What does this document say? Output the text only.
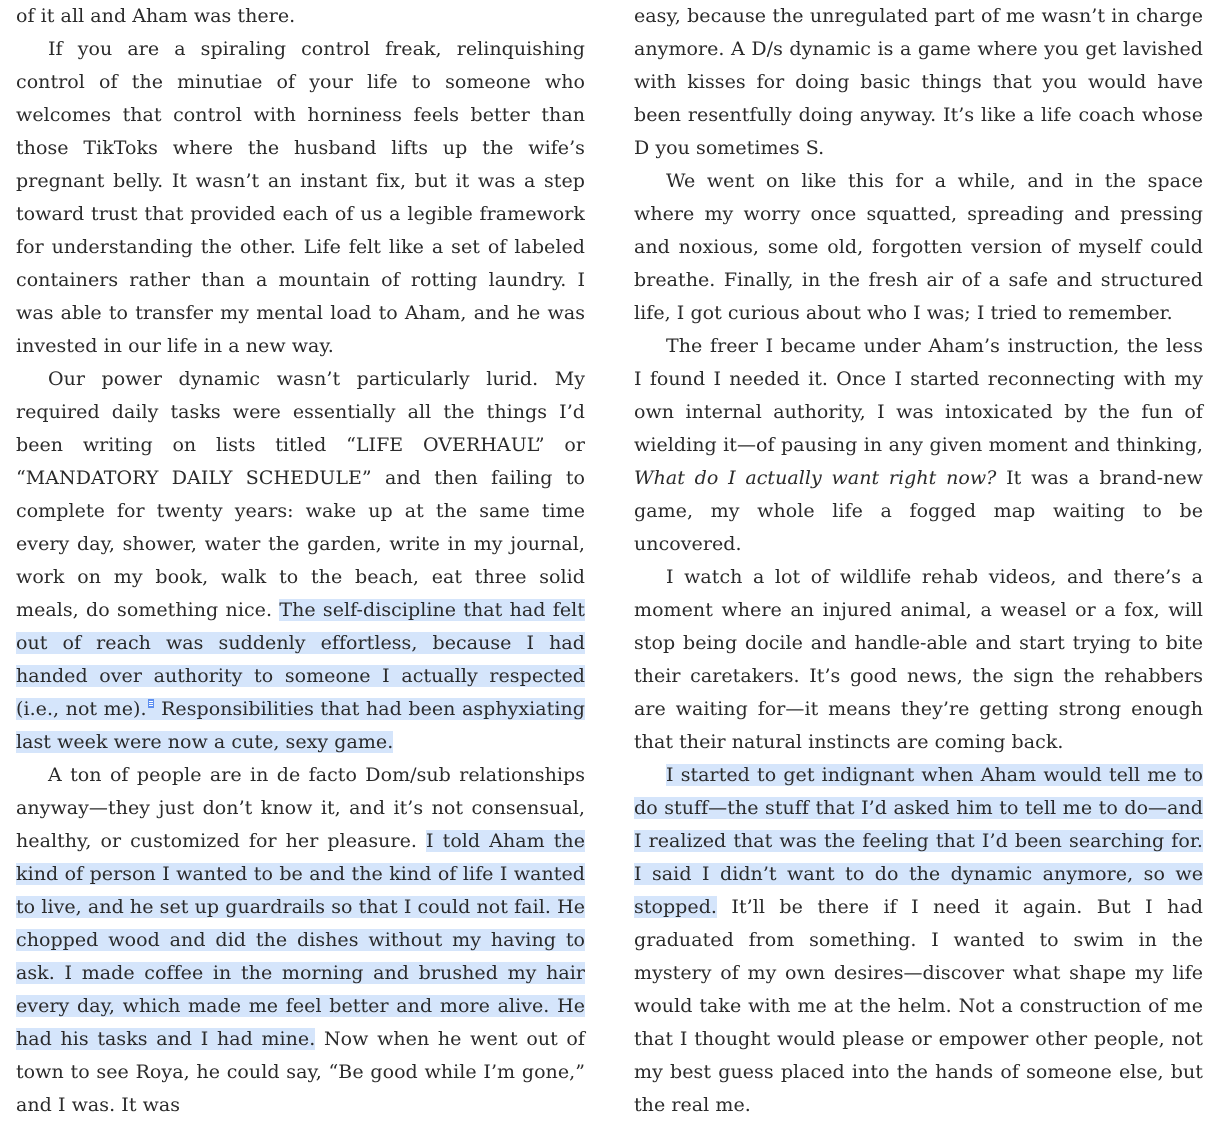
of it all and Aham was there.

If you are a spiraling control freak, relinquishing control of the minutiae of your life to someone who welcomes that control with horniness feels better than those TikToks where the husband lifts up the wife’s pregnant belly. It wasn’t an instant fix, but it was a step toward trust that provided each of us a legible framework for understanding the other. Life felt like a set of labeled containers rather than a mountain of rotting laundry. I was able to transfer my mental load to Aham, and he was invested in our life in a new way.

Our power dynamic wasn’t particularly lurid. My required daily tasks were essentially all the things I’d been writing on lists titled “LIFE OVERHAUL” or “MANDATORY DAILY SCHEDULE” and then failing to complete for twenty years: wake up at the same time every day, shower, water the garden, write in my journal, work on my book, walk to the beach, eat three solid meals, do something nice. The self-discipline that had felt out of reach was suddenly effortless, because I had handed over authority to someone I actually respected (i.e., not me). Responsibilities that had been asphyxiating last week were now a cute, sexy game.

A ton of people are in de facto Dom/sub relationships anyway—they just don’t know it, and it’s not consensual, healthy, or customized for her pleasure. I told Aham the kind of person I wanted to be and the kind of life I wanted to live, and he set up guardrails so that I could not fail. He chopped wood and did the dishes without my having to ask. I made coffee in the morning and brushed my hair every day, which made me feel better and more alive. He had his tasks and I had mine. Now when he went out of town to see Roya, he could say, “Be good while I’m gone,” and I was. It was

easy, because the unregulated part of me wasn’t in charge anymore. A D/s dynamic is a game where you get lavished with kisses for doing basic things that you would have been resentfully doing anyway. It’s like a life coach whose D you sometimes S.

We went on like this for a while, and in the space where my worry once squatted, spreading and pressing and noxious, some old, forgotten version of myself could breathe. Finally, in the fresh air of a safe and structured life, I got curious about who I was; I tried to remember.

The freer I became under Aham’s instruction, the less I found I needed it. Once I started reconnecting with my own internal authority, I was intoxicated by the fun of wielding it—of pausing in any given moment and thinking, What do I actually want right now? It was a brand-new game, my whole life a fogged map waiting to be uncovered.

I watch a lot of wildlife rehab videos, and there’s a moment where an injured animal, a weasel or a fox, will stop being docile and handle-able and start trying to bite their caretakers. It’s good news, the sign the rehabbers are waiting for—it means they’re getting strong enough that their natural instincts are coming back.

I started to get indignant when Aham would tell me to do stuff—the stuff that I’d asked him to tell me to do—and I realized that was the feeling that I’d been searching for. I said I didn’t want to do the dynamic anymore, so we stopped. It’ll be there if I need it again. But I had graduated from something. I wanted to swim in the mystery of my own desires—discover what shape my life would take with me at the helm. Not a construction of me that I thought would please or empower other people, not my best guess placed into the hands of someone else, but the real me.
